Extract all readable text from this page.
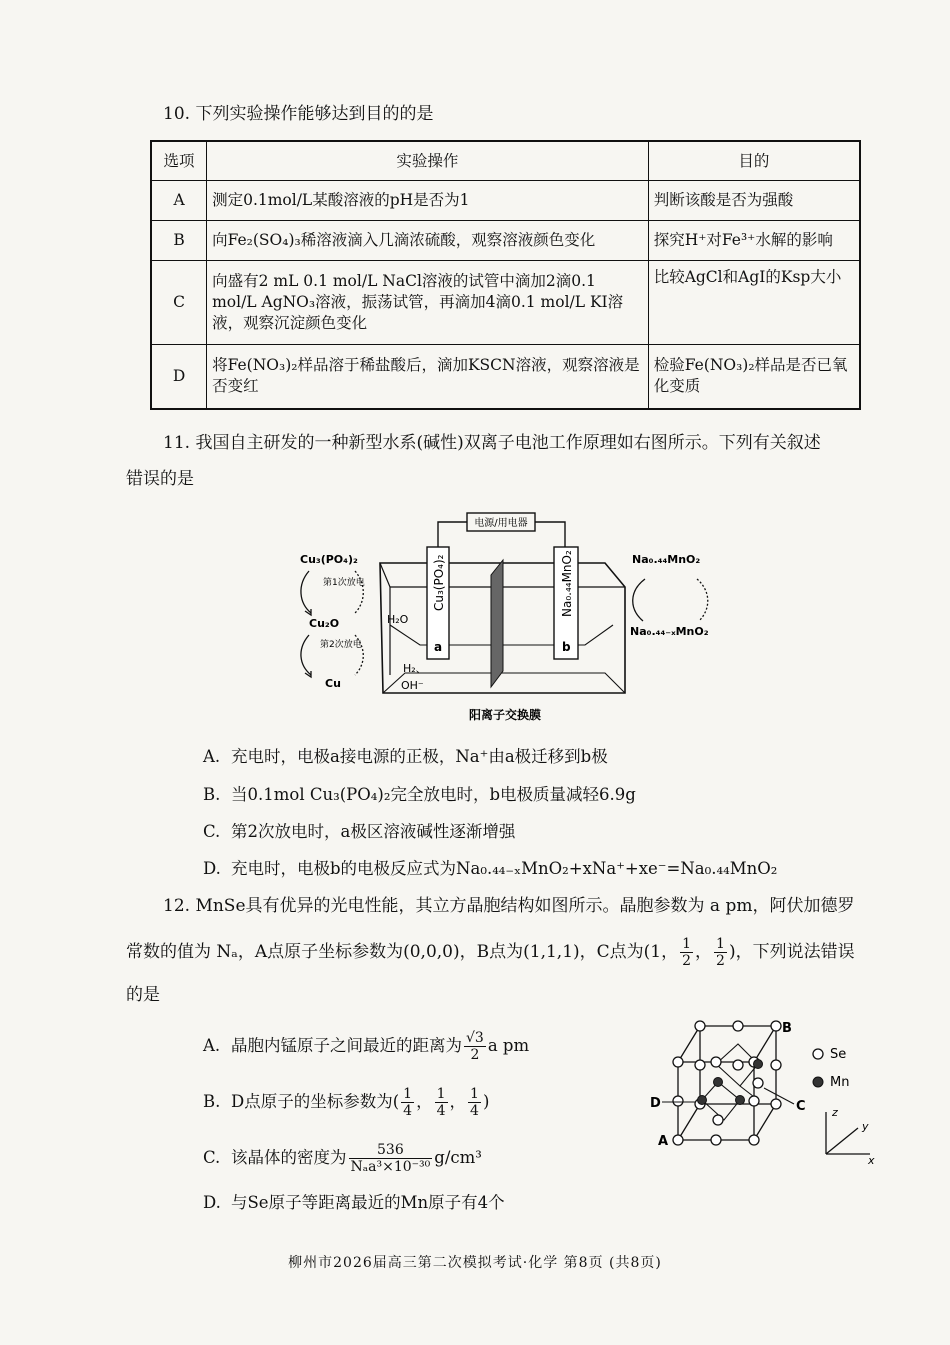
10. 下列实验操作能够达到目的的是
选项	实验操作	目的
A	测定0.1mol/L某酸溶液的pH是否为1	判断该酸是否为强酸
B	向Fe₂(SO₄)₃稀溶液滴入几滴浓硫酸，观察溶液颜色变化	探究H⁺对Fe³⁺水解的影响
C	向盛有2 mL 0.1 mol/L NaCl溶液的试管中滴加2滴0.1 mol/L AgNO₃溶液，振荡试管，再滴加4滴0.1 mol/L KI溶液，观察沉淀颜色变化	比较AgCl和AgI的Ksp大小
D	将Fe(NO₃)₂样品溶于稀盐酸后，滴加KSCN溶液，观察溶液是否变红	检验Fe(NO₃)₂样品是否已氧化变质
11. 我国自主研发的一种新型水系(碱性)双离子电池工作原理如右图所示。下列有关叙述
错误的是
电源/用电器
Cu₃(PO₄)₂	Na₀.₄₄MnO₂
a	b
H₂O
H₂、
OH⁻
Cu₃(PO₄)₂
第1次放电
Cu₂O
第2次放电
Cu
Na₀.₄₄MnO₂
Na₀.₄₄₋ₓMnO₂
阳离子交换膜
A. 充电时，电极a接电源的正极，Na⁺由a极迁移到b极
B. 当0.1mol Cu₃(PO₄)₂完全放电时，b电极质量减轻6.9g
C. 第2次放电时，a极区溶液碱性逐渐增强
D. 充电时，电极b的电极反应式为Na₀.₄₄₋ₓMnO₂+xNa⁺+xe⁻=Na₀.₄₄MnO₂
12. MnSe具有优异的光电性能，其立方晶胞结构如图所示。晶胞参数为 a pm，阿伏加德罗
常数的值为 Nₐ，A点原子坐标参数为(0,0,0)，B点为(1,1,1)，C点为(1， $\frac{1}{2}$ ， $\frac{1}{2}$ )，下列说法错误
的是
A. 晶胞内锰原子之间最近的距离为 $\frac{√3}{2}$ a pm
B. D点原子的坐标参数为( $\frac{1}{4}$ ， $\frac{1}{4}$ ， $\frac{1}{4}$ )
C. 该晶体的密度为 $\frac{536}{\text{Nₐa³×10⁻³⁰}} g/cm^3$
D. 与Se原子等距离最近的Mn原子有4个
A
D
B
C
Se
Mn
z
y
x
柳州市2026届高三第二次模拟考试·化学 第8页 (共8页)
